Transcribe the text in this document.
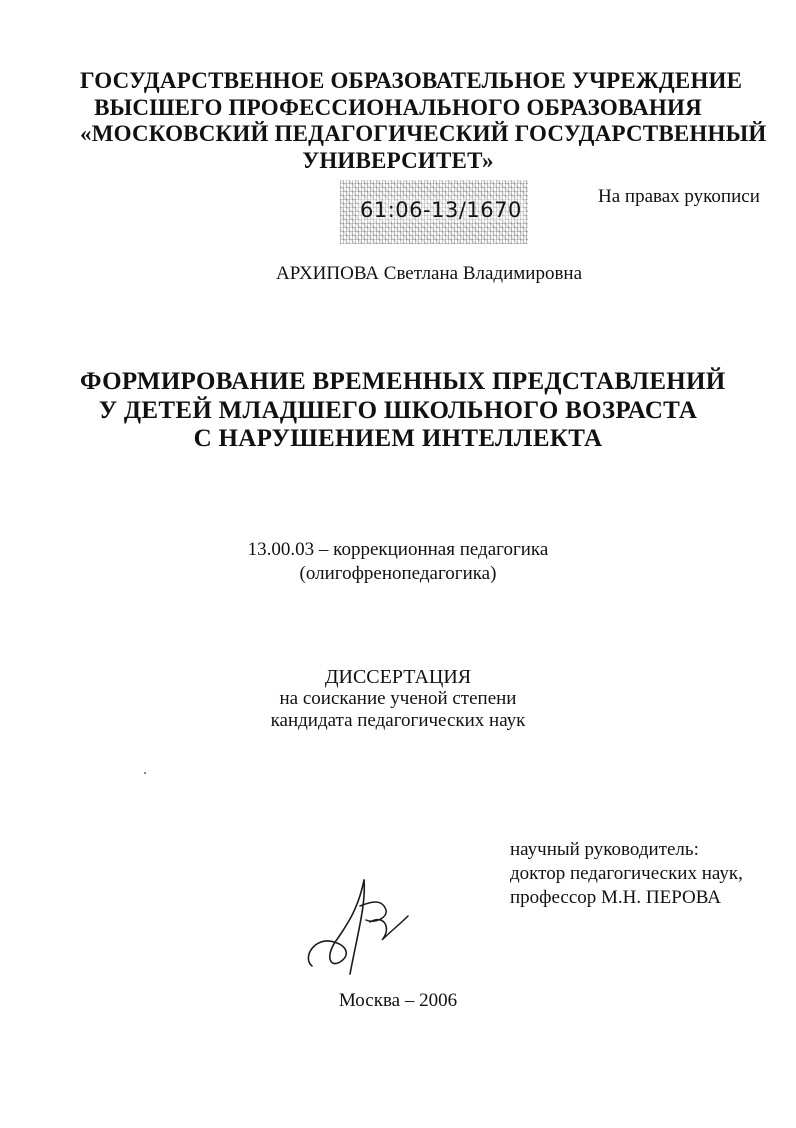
ГОСУДАРСТВЕННОЕ ОБРАЗОВАТЕЛЬНОЕ УЧРЕЖДЕНИЕ
ВЫСШЕГО ПРОФЕССИОНАЛЬНОГО ОБРАЗОВАНИЯ
«МОСКОВСКИЙ ПЕДАГОГИЧЕСКИЙ ГОСУДАРСТВЕННЫЙ
УНИВЕРСИТЕТ»
61:06-13/1670
На правах рукописи
АРХИПОВА Светлана Владимировна
ФОРМИРОВАНИЕ ВРЕМЕННЫХ ПРЕДСТАВЛЕНИЙ
У ДЕТЕЙ МЛАДШЕГО ШКОЛЬНОГО ВОЗРАСТА
С НАРУШЕНИЕМ ИНТЕЛЛЕКТА
13.00.03 – коррекционная педагогика
(олигофренопедагогика)
ДИССЕРТАЦИЯ
на соискание ученой степени
кандидата педагогических наук
научный руководитель:
доктор педагогических наук,
профессор М.Н. ПЕРОВА
Москва – 2006
